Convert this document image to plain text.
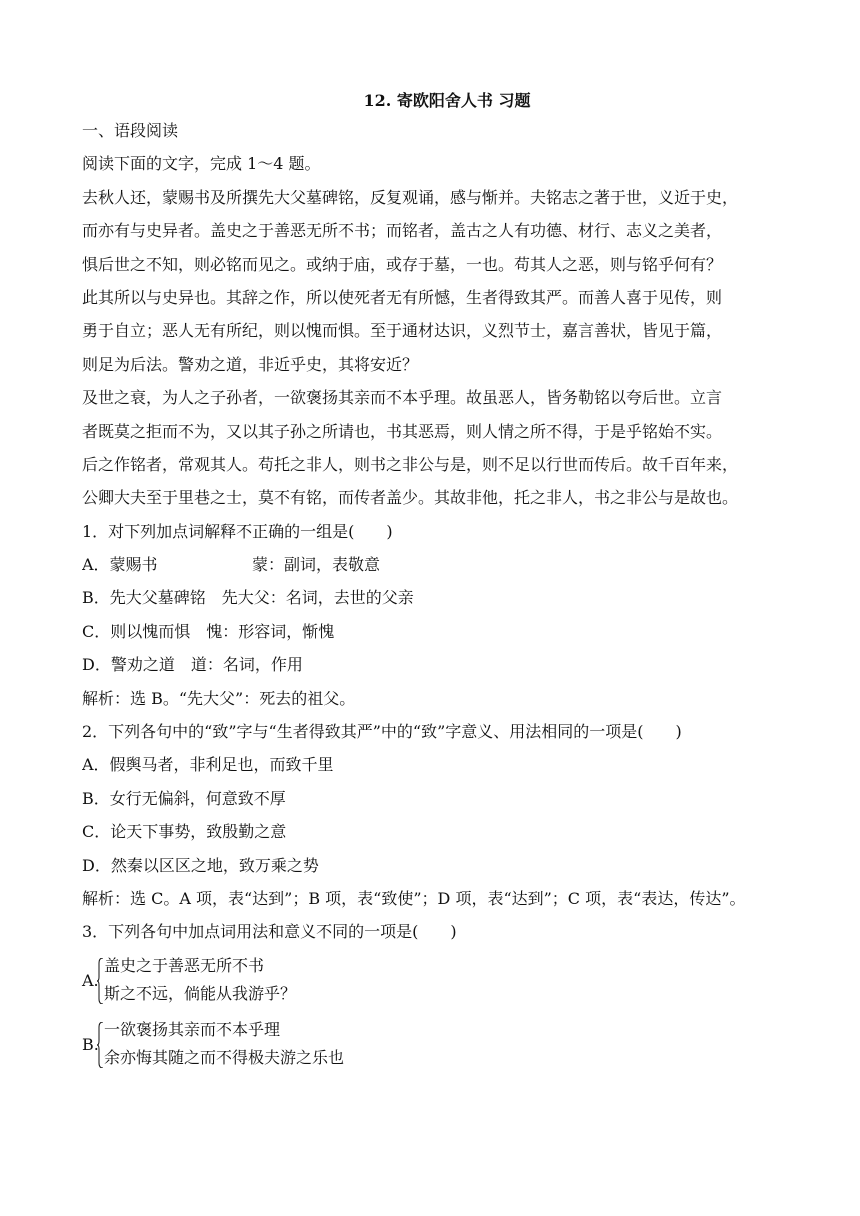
12. 寄欧阳舍人书 习题
一、语段阅读
阅读下面的文字，完成 1～4 题。
去秋人还，蒙赐书及所撰先大父墓碑铭，反复观诵，感与惭并。夫铭志之著于世，义近于史，
而亦有与史异者。盖史之于善恶无所不书；而铭者，盖古之人有功德、材行、志义之美者，
惧后世之不知，则必铭而见之。或纳于庙，或存于墓，一也。苟其人之恶，则与铭乎何有？
此其所以与史异也。其辞之作，所以使死者无有所憾，生者得致其严。而善人喜于见传，则
勇于自立；恶人无有所纪，则以愧而惧。至于通材达识，义烈节士，嘉言善状，皆见于篇，
则足为后法。警劝之道，非近乎史，其将安近？
及世之衰，为人之子孙者，一欲褒扬其亲而不本乎理。故虽恶人，皆务勒铭以夸后世。立言
者既莫之拒而不为，又以其子孙之所请也，书其恶焉，则人情之所不得，于是乎铭始不实。
后之作铭者，常观其人。苟托之非人，则书之非公与是，则不足以行世而传后。故千百年来，
公卿大夫至于里巷之士，莫不有铭，而传者盖少。其故非他，托之非人，书之非公与是故也。
1．对下列加点词解释不正确的一组是(　　)
A．蒙赐书	蒙：副词，表敬意
B．先大父墓碑铭 先大父：名词，去世的父亲
C．则以愧而惧 愧：形容词，惭愧
D．警劝之道 道：名词，作用
解析：选 B。“先大父”：死去的祖父。
2．下列各句中的“致”字与“生者得致其严”中的“致”字意义、用法相同的一项是(　　)
A．假舆马者，非利足也，而致千里
B．女行无偏斜，何意致不厚
C．论天下事势，致殷勤之意
D．然秦以区区之地，致万乘之势
解析：选 C。A 项，表“达到”；B 项，表“致使”；D 项，表“达到”；C 项，表“表达，传达”。
3．下列各句中加点词用法和意义不同的一项是(　　)
A.
盖史之于善恶无所不书
斯之不远，倘能从我游乎？
B.
一欲褒扬其亲而不本乎理
余亦悔其随之而不得极夫游之乐也
